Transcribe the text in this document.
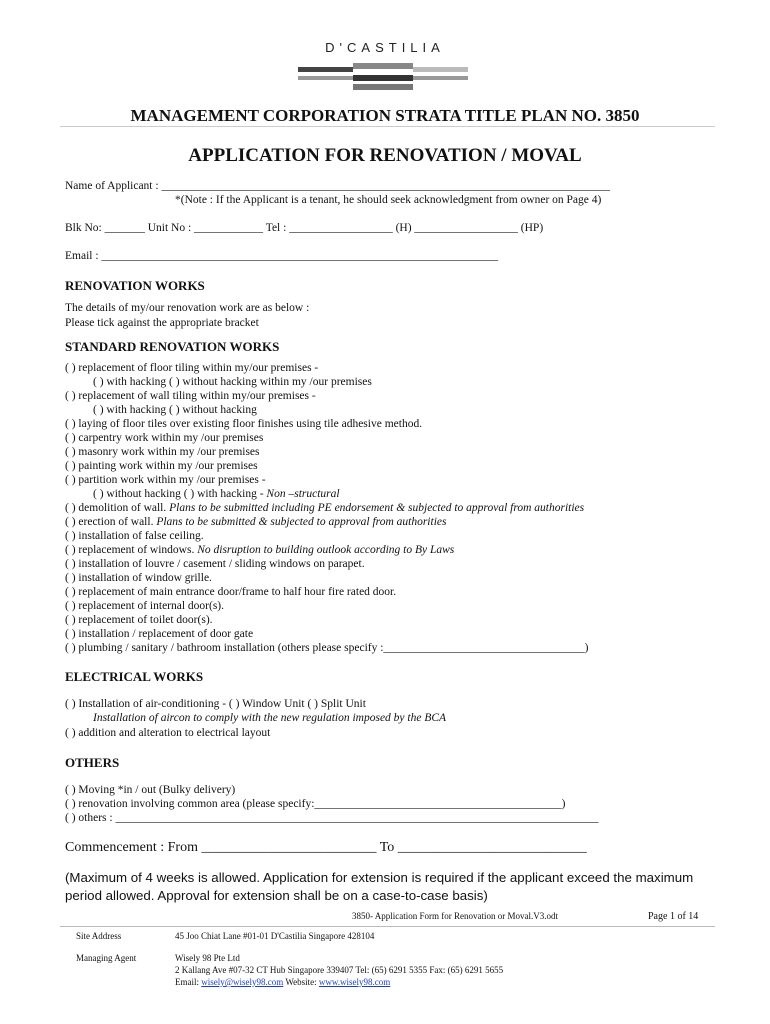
D'CASTILIA
MANAGEMENT CORPORATION STRATA TITLE PLAN NO. 3850
APPLICATION FOR RENOVATION / MOVAL
Name of Applicant : ______________________________________________________________________________
*(Note : If the Applicant is a tenant, he should seek acknowledgment from owner on Page 4)
Blk No: _______ Unit No : ____________ Tel : __________________ (H) __________________ (HP)
Email : _____________________________________________________________________
RENOVATION WORKS
The details of my/our renovation work are as below :
Please tick against the appropriate bracket
STANDARD RENOVATION WORKS
( ) replacement of floor tiling within my/our premises -
( ) with hacking ( ) without hacking within my /our premises
( ) replacement of wall tiling within my/our premises -
( ) with hacking ( ) without hacking
( ) laying of floor tiles over existing floor finishes using tile adhesive method.
( ) carpentry work within my /our premises
( ) masonry work within my /our premises
( ) painting work within my /our premises
( ) partition work within my /our premises -
( ) without hacking ( ) with hacking - Non –structural
( ) demolition of wall. Plans to be submitted including PE endorsement & subjected to approval from authorities
( ) erection of wall. Plans to be submitted & subjected to approval from authorities
( ) installation of false ceiling.
( ) replacement of windows. No disruption to building outlook according to By Laws
( ) installation of louvre / casement / sliding windows on parapet.
( ) installation of window grille.
( ) replacement of main entrance door/frame to half hour fire rated door.
( ) replacement of internal door(s).
( ) replacement of toilet door(s).
( ) installation / replacement of door gate
( ) plumbing / sanitary / bathroom installation (others please specify :___________________________________)
ELECTRICAL WORKS
( ) Installation of air-conditioning - ( ) Window Unit ( ) Split Unit
Installation of aircon to comply with the new regulation imposed by the BCA
( ) addition and alteration to electrical layout
OTHERS
( ) Moving *in / out (Bulky delivery)
( ) renovation involving common area (please specify:___________________________________________)
( ) others : ____________________________________________________________________________________
Commencement : From _________________________ To ___________________________
(Maximum of 4 weeks is allowed. Application for extension is required if the applicant exceed the maximum period allowed. Approval for extension shall be on a case-to-case basis)
3850- Application Form for Renovation or Moval.V3.odt	Page 1 of 14
Site Address	45 Joo Chiat Lane #01-01 D'Castilia Singapore 428104
Managing Agent	Wisely 98 Pte Ltd
2 Kallang Ave #07-32 CT Hub Singapore 339407 Tel: (65) 6291 5355 Fax: (65) 6291 5655
Email: wisely@wisely98.com Website: www.wisely98.com
